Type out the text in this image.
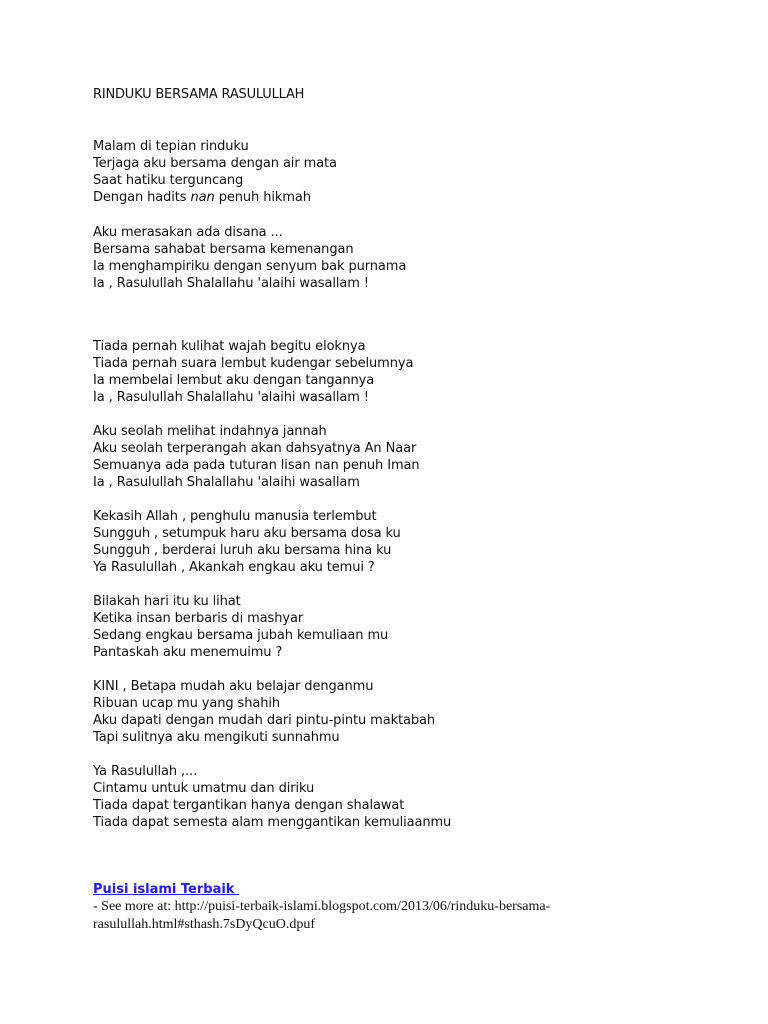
RINDUKU BERSAMA RASULULLAH
Malam di tepian rinduku
Terjaga aku bersama dengan air mata
Saat hatiku terguncang
Dengan hadits nan penuh hikmah
Aku merasakan ada disana ...
Bersama sahabat bersama kemenangan
Ia menghampiriku dengan senyum bak purnama
Ia , Rasulullah Shalallahu 'alaihi wasallam !
Tiada pernah kulihat wajah begitu eloknya
Tiada pernah suara lembut kudengar sebelumnya
Ia membelai lembut aku dengan tangannya
Ia , Rasulullah Shalallahu 'alaihi wasallam !
Aku seolah melihat indahnya jannah
Aku seolah terperangah akan dahsyatnya An Naar
Semuanya ada pada tuturan lisan nan penuh Iman
Ia , Rasulullah Shalallahu 'alaihi wasallam
Kekasih Allah , penghulu manusia terlembut
Sungguh , setumpuk haru aku bersama dosa ku
Sungguh , berderai luruh aku bersama hina ku
Ya Rasulullah , Akankah engkau aku temui ?
Bilakah hari itu ku lihat
Ketika insan berbaris di mashyar
Sedang engkau bersama jubah kemuliaan mu
Pantaskah aku menemuimu ?
KINI , Betapa mudah aku belajar denganmu
Ribuan ucap mu yang shahih
Aku dapati dengan mudah dari pintu-pintu maktabah
Tapi sulitnya aku mengikuti sunnahmu
Ya Rasulullah ,...
Cintamu untuk umatmu dan diriku
Tiada dapat tergantikan hanya dengan shalawat
Tiada dapat semesta alam menggantikan kemuliaanmu
Puisi islami Terbaik
- See more at: http://puisi-terbaik-islami.blogspot.com/2013/06/rinduku-bersama-
rasulullah.html#sthash.7sDyQcuO.dpuf
